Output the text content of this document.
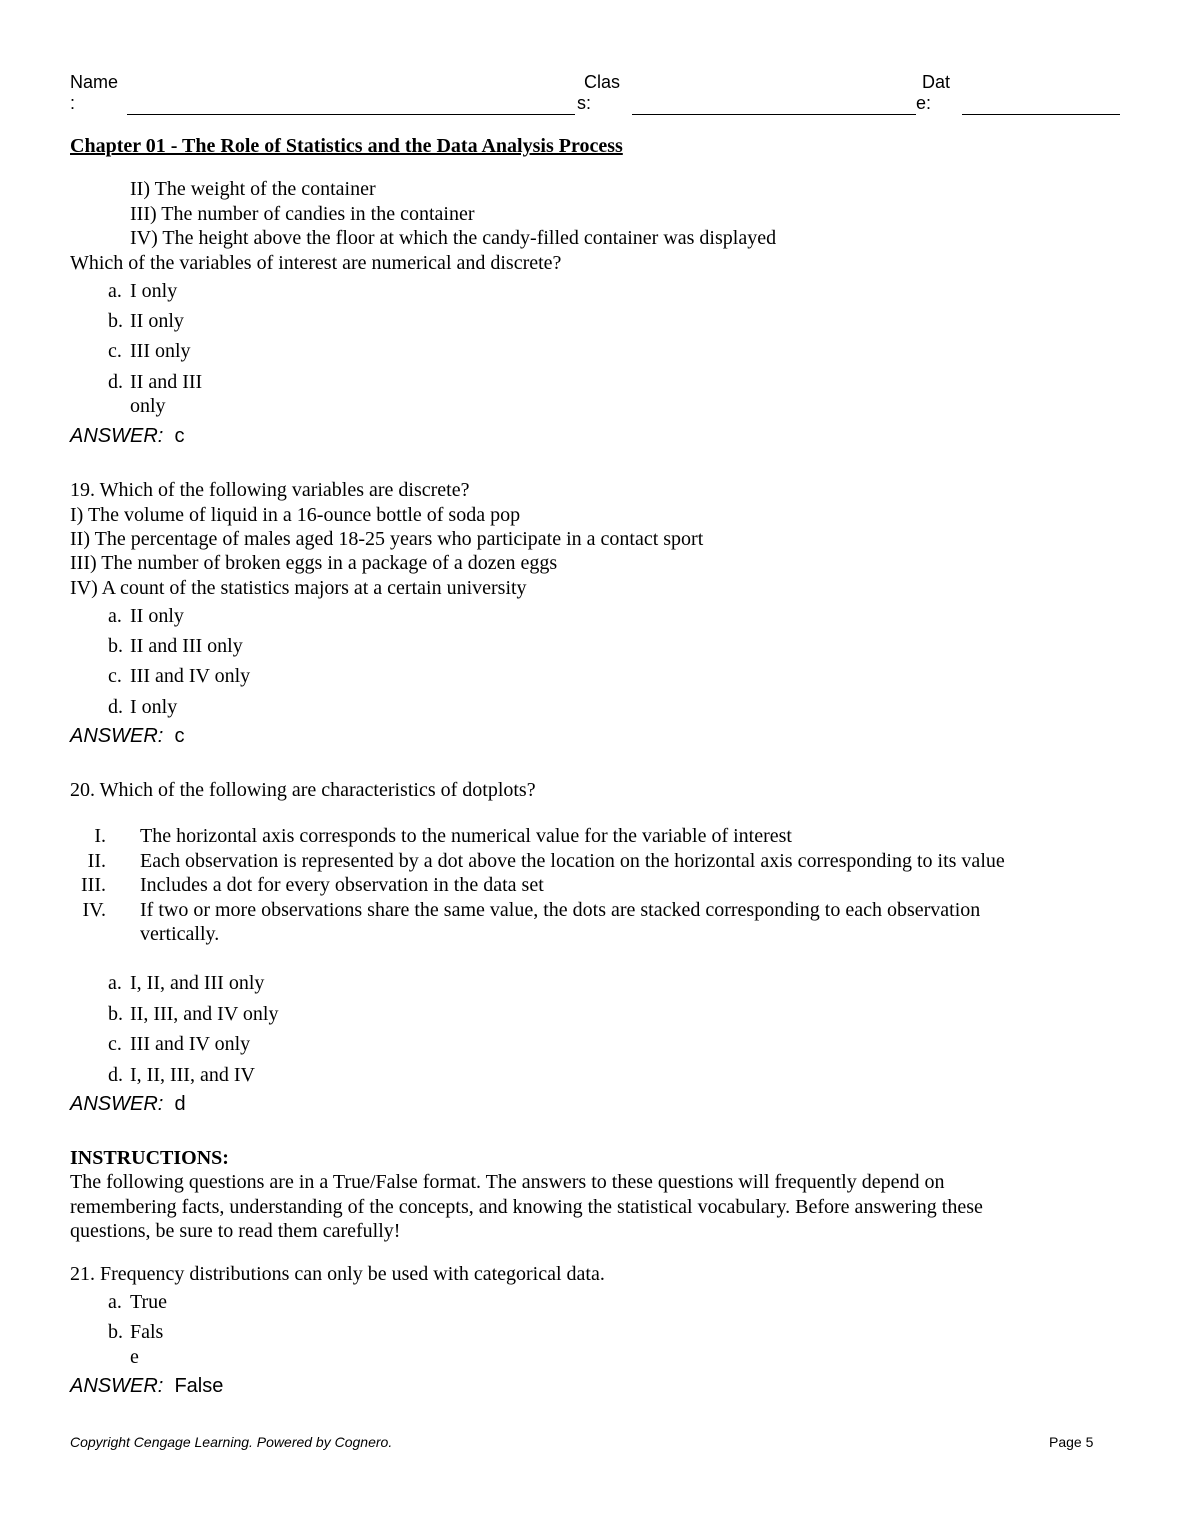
Name
:
Clas
s:
Dat
e:
Chapter 01 - The Role of Statistics and the Data Analysis Process
II) The weight of the container
III) The number of candies in the container
IV) The height above the floor at which the candy-filled container was displayed
Which of the variables of interest are numerical and discrete?
a. I only
b. II only
c. III only
d. II and III
only
ANSWER: c
19. Which of the following variables are discrete?
I) The volume of liquid in a 16-ounce bottle of soda pop
II) The percentage of males aged 18-25 years who participate in a contact sport
III) The number of broken eggs in a package of a dozen eggs
IV) A count of the statistics majors at a certain university
a. II only
b. II and III only
c. III and IV only
d. I only
ANSWER: c
20. Which of the following are characteristics of dotplots?
I. The horizontal axis corresponds to the numerical value for the variable of interest
II. Each observation is represented by a dot above the location on the horizontal axis corresponding to its value
III. Includes a dot for every observation in the data set
IV. If two or more observations share the same value, the dots are stacked corresponding to each observation
vertically.
a. I, II, and III only
b. II, III, and IV only
c. III and IV only
d. I, II, III, and IV
ANSWER: d
INSTRUCTIONS:
The following questions are in a True/False format. The answers to these questions will frequently depend on
remembering facts, understanding of the concepts, and knowing the statistical vocabulary. Before answering these
questions, be sure to read them carefully!
21. Frequency distributions can only be used with categorical data.
a. True
b. Fals
e
ANSWER: False
Copyright Cengage Learning. Powered by Cognero.	Page 5
